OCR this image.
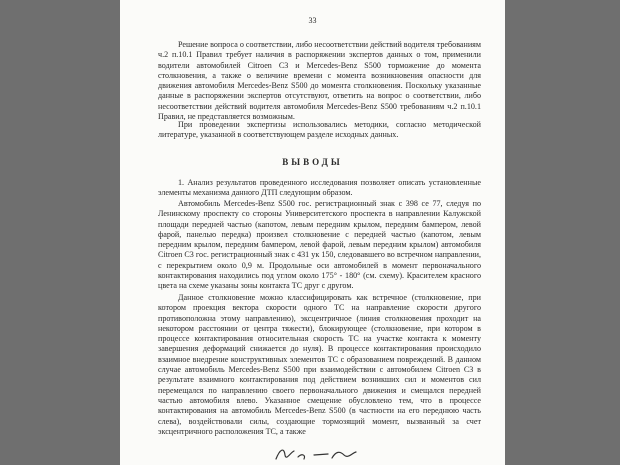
33

Решение вопроса о соответствии, либо несоответствии действий водителя требованиям ч.2 п.10.1 Правил требует наличия в распоряжении экспертов данных о том, применили водители автомобилей Citroen C3 и Mercedes-Benz S500 торможение до момента столкновения, а также о величине времени с момента возникновения опасности для движения автомобиля Mercedes-Benz S500 до момента столкновения. Поскольку указанные данные в распоряжении экспертов отсутствуют, ответить на вопрос о соответствии, либо несоответствии действий водителя автомобиля Mercedes-Benz S500 требованиям ч.2 п.10.1 Правил, не представляется возможным.

При проведении экспертизы использовались методики, согласно методической литературе, указанной в соответствующем разделе исходных данных.

ВЫВОДЫ

1. Анализ результатов проведенного исследования позволяет описать установленные элементы механизма данного ДТП следующим образом.

Автомобиль Mercedes-Benz S500 гос. регистрационный знак с 398 се 77, следуя по Ленинскому проспекту со стороны Университетского проспекта в направлении Калужской площади передней частью (капотом, левым передним крылом, передним бампером, левой фарой, панелью передка) произвел столкновение с передней частью (капотом, левым передним крылом, передним бампером, левой фарой, левым передним крылом) автомобиля Citroen C3 гос. регистрационный знак с 431 ук 150, следовавшего во встречном направлении, с перекрытием около 0,9 м. Продольные оси автомобилей в момент первоначального контактирования находились под углом около 175° - 180° (см. схему). Красителем красного цвета на схеме указаны зоны контакта ТС друг с другом.

Данное столкновение можно классифицировать как встречное (столкновение, при котором проекция вектора скорости одного ТС на направление скорости другого противоположна этому направлению), эксцентричное (линия столкновения проходит на некотором расстоянии от центра тяжести), блокирующее (столкновение, при котором в процессе контактирования относительная скорость ТС на участке контакта к моменту завершения деформаций снижается до нуля). В процессе контактирования происходило взаимное внедрение конструктивных элементов ТС с образованием повреждений. В данном случае автомобиль Mercedes-Benz S500 при взаимодействии с автомобилем Citroen C3 в результате взаимного контактирования под действием возникших сил и моментов сил перемещался по направлению своего первоначального движения и смещался передней частью автомобиля влево. Указанное смещение обусловлено тем, что в процессе контактирования на автомобиль Mercedes-Benz S500 (в частности на его переднюю часть слева), воздействовали силы, создающие тормозящий момент, вызванный за счет эксцентричного расположения ТС, а также
